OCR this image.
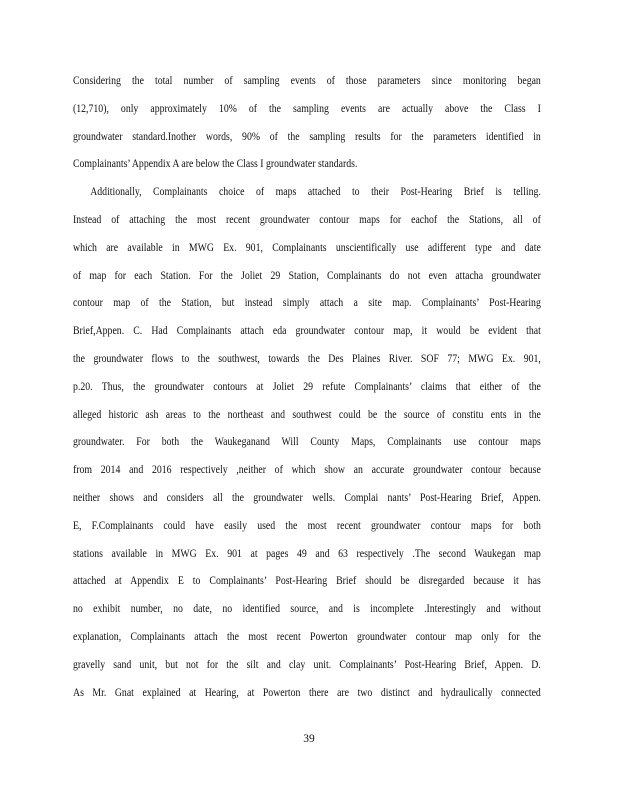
Considering the total number of sampling events of those parameters since monitoring began
(12,710), only approximately 10% of the sampling events are actually above the Class I
groundwater standard.Inother words, 90% of the sampling results for the parameters identified in
Complainants’ Appendix A are below the Class I groundwater standards.
Additionally, Complainants choice of maps attached to their Post-Hearing Brief is telling.
Instead of attaching the most recent groundwater contour maps for eachof the Stations, all of
which are available in MWG Ex. 901, Complainants unscientifically use adifferent type and date
of map for each Station. For the Joliet 29 Station, Complainants do not even attacha groundwater
contour map of the Station, but instead simply attach a site map. Complainants’ Post-Hearing
Brief,Appen. C. Had Complainants attach eda groundwater contour map, it would be evident that
the groundwater flows to the southwest, towards the Des Plaines River. SOF 77; MWG Ex. 901,
p.20. Thus, the groundwater contours at Joliet 29 refute Complainants’ claims that either of the
alleged historic ash areas to the northeast and southwest could be the source of constitu ents in the
groundwater. For both the Waukeganand Will County Maps, Complainants use contour maps
from 2014 and 2016 respectively ,neither of which show an accurate groundwater contour because
neither shows and considers all the groundwater wells. Complai nants’ Post-Hearing Brief, Appen.
E, F.Complainants could have easily used the most recent groundwater contour maps for both
stations available in MWG Ex. 901 at pages 49 and 63 respectively .The second Waukegan map
attached at Appendix E to Complainants’ Post-Hearing Brief should be disregarded because it has
no exhibit number, no date, no identified source, and is incomplete .Interestingly and without
explanation, Complainants attach the most recent Powerton groundwater contour map only for the
gravelly sand unit, but not for the silt and clay unit. Complainants’ Post-Hearing Brief, Appen. D.
As Mr. Gnat explained at Hearing, at Powerton there are two distinct and hydraulically connected
39
